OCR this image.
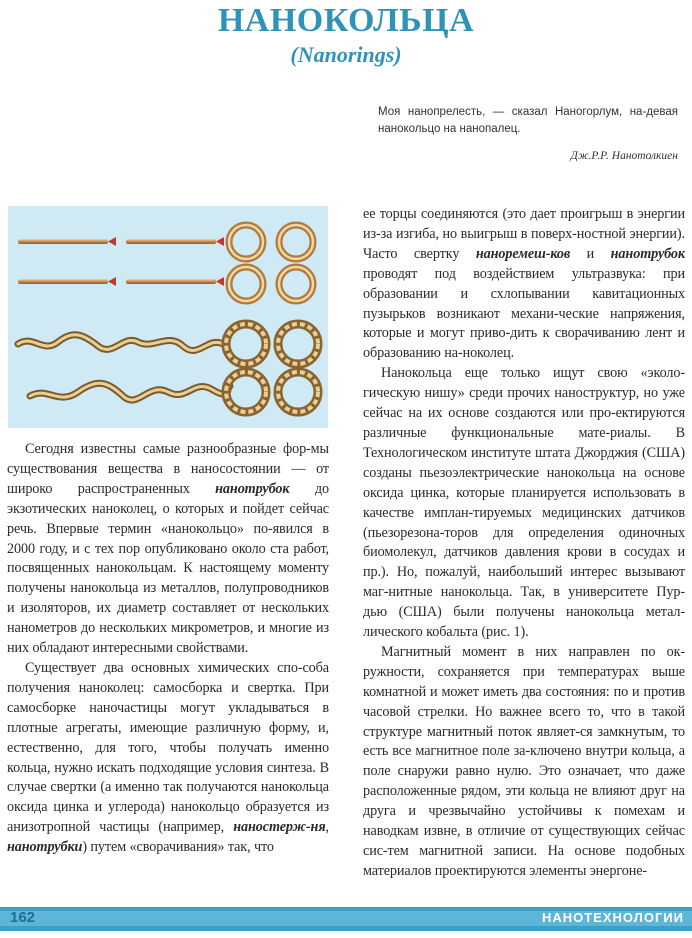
НАНОКОЛЬЦА
(Nanorings)
Моя нанопрелесть, — сказал Наногорлум, на-девая нанокольцо на нанопалец.
Дж.Р.Р. Нанотолкиен

Сегодня известны самые разнообразные фор-мы существования вещества в наносостоянии — от широко распространенных нанотрубок до экзотических наноколец, о которых и пойдет сейчас речь. Впервые термин «нанокольцо» по-явился в 2000 году, и с тех пор опубликовано около ста работ, посвященных нанокольцам. К настоящему моменту получены нанокольца из металлов, полупроводников и изоляторов, их диаметр составляет от нескольких нанометров до нескольких микрометров, и многие из них обладают интересными свойствами.

Существует два основных химических спо-соба получения наноколец: самосборка и свертка. При самосборке наночастицы могут укладываться в плотные агрегаты, имеющие различную форму, и, естественно, для того, чтобы получать именно кольца, нужно искать подходящие условия синтеза. В случае свертки (а именно так получаются нанокольца оксида цинка и углерода) нанокольцо образуется из анизотропной частицы (например, наностерж-ня, нанотрубки) путем «сворачивания» так, что

ее торцы соединяются (это дает проигрыш в энергии из-за изгиба, но выигрыш в поверх-ностной энергии). Часто свертку наноремеш-ков и нанотрубок проводят под воздействием ультразвука: при образовании и схлопывании кавитационных пузырьков возникают механи-ческие напряжения, которые и могут приво-дить к сворачиванию лент и образованию на-ноколец.

Нанокольца еще только ищут свою «эколо-гическую нишу» среди прочих наноструктур, но уже сейчас на их основе создаются или про-ектируются различные функциональные мате-риалы. В Технологическом институте штата Джорджия (США) созданы пьезоэлектрические нанокольца на основе оксида цинка, которые планируется использовать в качестве имплан-тируемых медицинских датчиков (пьезорезона-торов для определения одиночных биомолекул, датчиков давления крови в сосудах и пр.). Но, пожалуй, наибольший интерес вызывают маг-нитные нанокольца. Так, в университете Пур-дью (США) были получены нанокольца метал-лического кобальта (рис. 1).

Магнитный момент в них направлен по ок-ружности, сохраняется при температурах выше комнатной и может иметь два состояния: по и против часовой стрелки. Но важнее всего то, что в такой структуре магнитный поток являет-ся замкнутым, то есть все магнитное поле за-ключено внутри кольца, а поле снаружи равно нулю. Это означает, что даже расположенные рядом, эти кольца не влияют друг на друга и чрезвычайно устойчивы к помехам и наводкам извне, в отличие от существующих сейчас сис-тем магнитной записи. На основе подобных материалов проектируются элементы энергоне-

162	НАНОТЕХНОЛОГИИ
